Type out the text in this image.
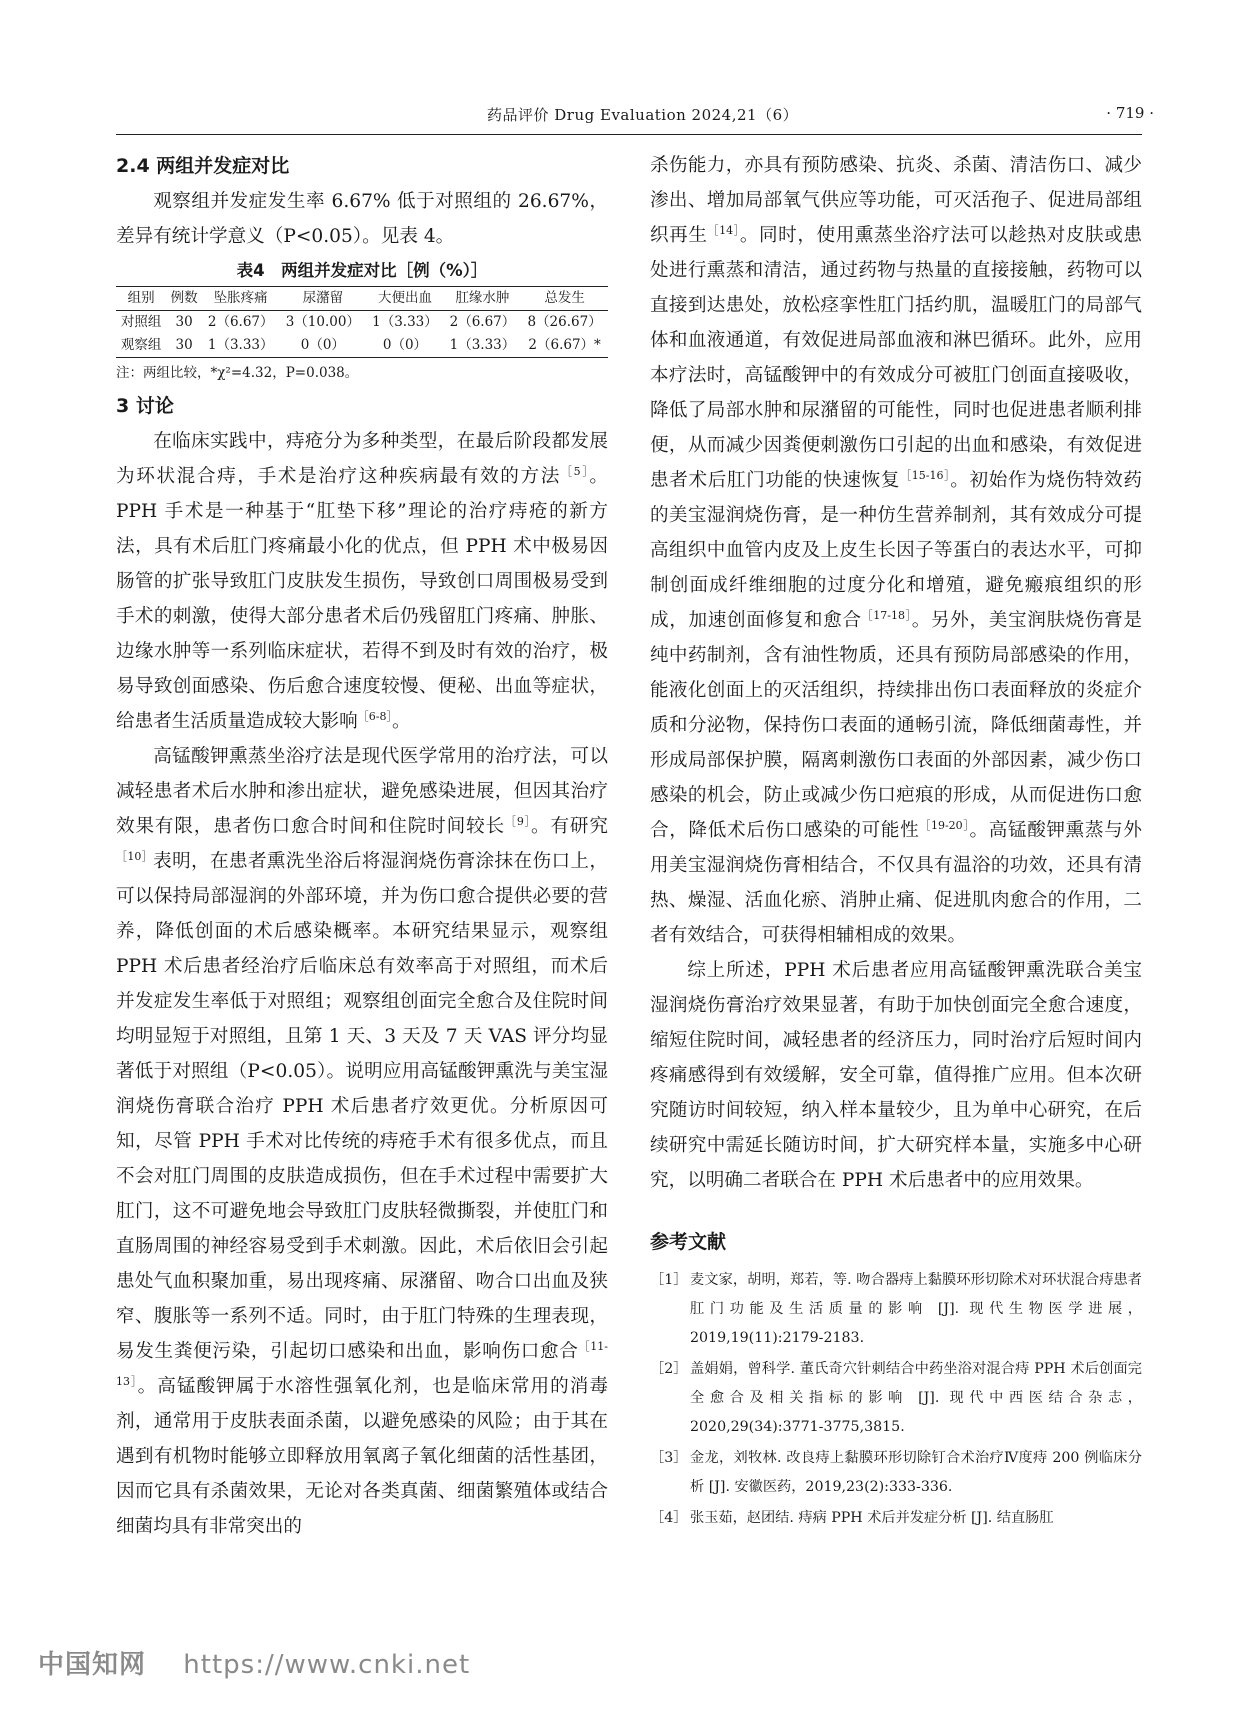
药品评价 Drug Evaluation 2024,21（6）	· 719 ·
2.4 两组并发症对比

观察组并发症发生率 6.67% 低于对照组的 26.67%，差异有统计学意义（P<0.05）。见表 4。

表4　两组并发症对比［例（%）］
组别	例数	坠胀疼痛	尿潴留	大便出血	肛缘水肿	总发生
对照组	30	2（6.67）	3（10.00）	1（3.33）	2（6.67）	8（26.67）
观察组	30	1（3.33）	0（0）	0（0）	1（3.33）	2（6.67）*

注：两组比较，*χ²=4.32，P=0.038。

3 讨论

在临床实践中，痔疮分为多种类型，在最后阶段都发展为环状混合痔，手术是治疗这种疾病最有效的方法$^{[5]}$。PPH 手术是一种基于“肛垫下移”理论的治疗痔疮的新方法，具有术后肛门疼痛最小化的优点，但 PPH 术中极易因肠管的扩张导致肛门皮肤发生损伤，导致创口周围极易受到手术的刺激，使得大部分患者术后仍残留肛门疼痛、肿胀、边缘水肿等一系列临床症状，若得不到及时有效的治疗，极易导致创面感染、伤后愈合速度较慢、便秘、出血等症状，给患者生活质量造成较大影响$^{[6-8]}$。

高锰酸钾熏蒸坐浴疗法是现代医学常用的治疗法，可以减轻患者术后水肿和渗出症状，避免感染进展，但因其治疗效果有限，患者伤口愈合时间和住院时间较长$^{[9]}$。有研究$^{[10]}$表明，在患者熏洗坐浴后将湿润烧伤膏涂抹在伤口上，可以保持局部湿润的外部环境，并为伤口愈合提供必要的营养，降低创面的术后感染概率。本研究结果显示，观察组 PPH 术后患者经治疗后临床总有效率高于对照组，而术后并发症发生率低于对照组；观察组创面完全愈合及住院时间均明显短于对照组，且第 1 天、3 天及 7 天 VAS 评分均显著低于对照组（P<0.05）。说明应用高锰酸钾熏洗与美宝湿润烧伤膏联合治疗 PPH 术后患者疗效更优。分析原因可知，尽管 PPH 手术对比传统的痔疮手术有很多优点，而且不会对肛门周围的皮肤造成损伤，但在手术过程中需要扩大肛门，这不可避免地会导致肛门皮肤轻微撕裂，并使肛门和直肠周围的神经容易受到手术刺激。因此，术后依旧会引起患处气血积聚加重，易出现疼痛、尿潴留、吻合口出血及狭窄、腹胀等一系列不适。同时，由于肛门特殊的生理表现，易发生粪便污染，引起切口感染和出血，影响伤口愈合$^{[11-13]}$。高锰酸钾属于水溶性强氧化剂，也是临床常用的消毒剂，通常用于皮肤表面杀菌，以避免感染的风险；由于其在遇到有机物时能够立即释放用氧离子氧化细菌的活性基团，因而它具有杀菌效果，无论对各类真菌、细菌繁殖体或结合细菌均具有非常突出的

杀伤能力，亦具有预防感染、抗炎、杀菌、清洁伤口、减少渗出、增加局部氧气供应等功能，可灭活孢子、促进局部组织再生$^{[14]}$。同时，使用熏蒸坐浴疗法可以趁热对皮肤或患处进行熏蒸和清洁，通过药物与热量的直接接触，药物可以直接到达患处，放松痉挛性肛门括约肌，温暖肛门的局部气体和血液通道，有效促进局部血液和淋巴循环。此外，应用本疗法时，高锰酸钾中的有效成分可被肛门创面直接吸收，降低了局部水肿和尿潴留的可能性，同时也促进患者顺利排便，从而减少因粪便刺激伤口引起的出血和感染，有效促进患者术后肛门功能的快速恢复$^{[15-16]}$。初始作为烧伤特效药的美宝湿润烧伤膏，是一种仿生营养制剂，其有效成分可提高组织中血管内皮及上皮生长因子等蛋白的表达水平，可抑制创面成纤维细胞的过度分化和增殖，避免瘢痕组织的形成，加速创面修复和愈合$^{[17-18]}$。另外，美宝润肤烧伤膏是纯中药制剂，含有油性物质，还具有预防局部感染的作用，能液化创面上的灭活组织，持续排出伤口表面释放的炎症介质和分泌物，保持伤口表面的通畅引流，降低细菌毒性，并形成局部保护膜，隔离刺激伤口表面的外部因素，减少伤口感染的机会，防止或减少伤口疤痕的形成，从而促进伤口愈合，降低术后伤口感染的可能性$^{[19-20]}$。高锰酸钾熏蒸与外用美宝湿润烧伤膏相结合，不仅具有温浴的功效，还具有清热、燥湿、活血化瘀、消肿止痛、促进肌肉愈合的作用，二者有效结合，可获得相辅相成的效果。

综上所述，PPH 术后患者应用高锰酸钾熏洗联合美宝湿润烧伤膏治疗效果显著，有助于加快创面完全愈合速度，缩短住院时间，减轻患者的经济压力，同时治疗后短时间内疼痛感得到有效缓解，安全可靠，值得推广应用。但本次研究随访时间较短，纳入样本量较少，且为单中心研究，在后续研究中需延长随访时间，扩大研究样本量，实施多中心研究，以明确二者联合在 PPH 术后患者中的应用效果。

参考文献
［1］ 麦文家，胡明，郑若，等. 吻合器痔上黏膜环形切除术对环状混合痔患者肛门功能及生活质量的影响 [J]. 现代生物医学进展，2019,19(11):2179-2183.
［2］ 盖娟娟，曾科学. 董氏奇穴针刺结合中药坐浴对混合痔 PPH 术后创面完全愈合及相关指标的影响 [J]. 现代中西医结合杂志，2020,29(34):3771-3775,3815.
［3］ 金龙，刘牧林. 改良痔上黏膜环形切除钉合术治疗Ⅳ度痔 200 例临床分析 [J]. 安徽医药，2019,23(2):333-336.
［4］ 张玉茹，赵团结. 痔病 PPH 术后并发症分析 [J]. 结直肠肛
中国知网 https://www.cnki.net
